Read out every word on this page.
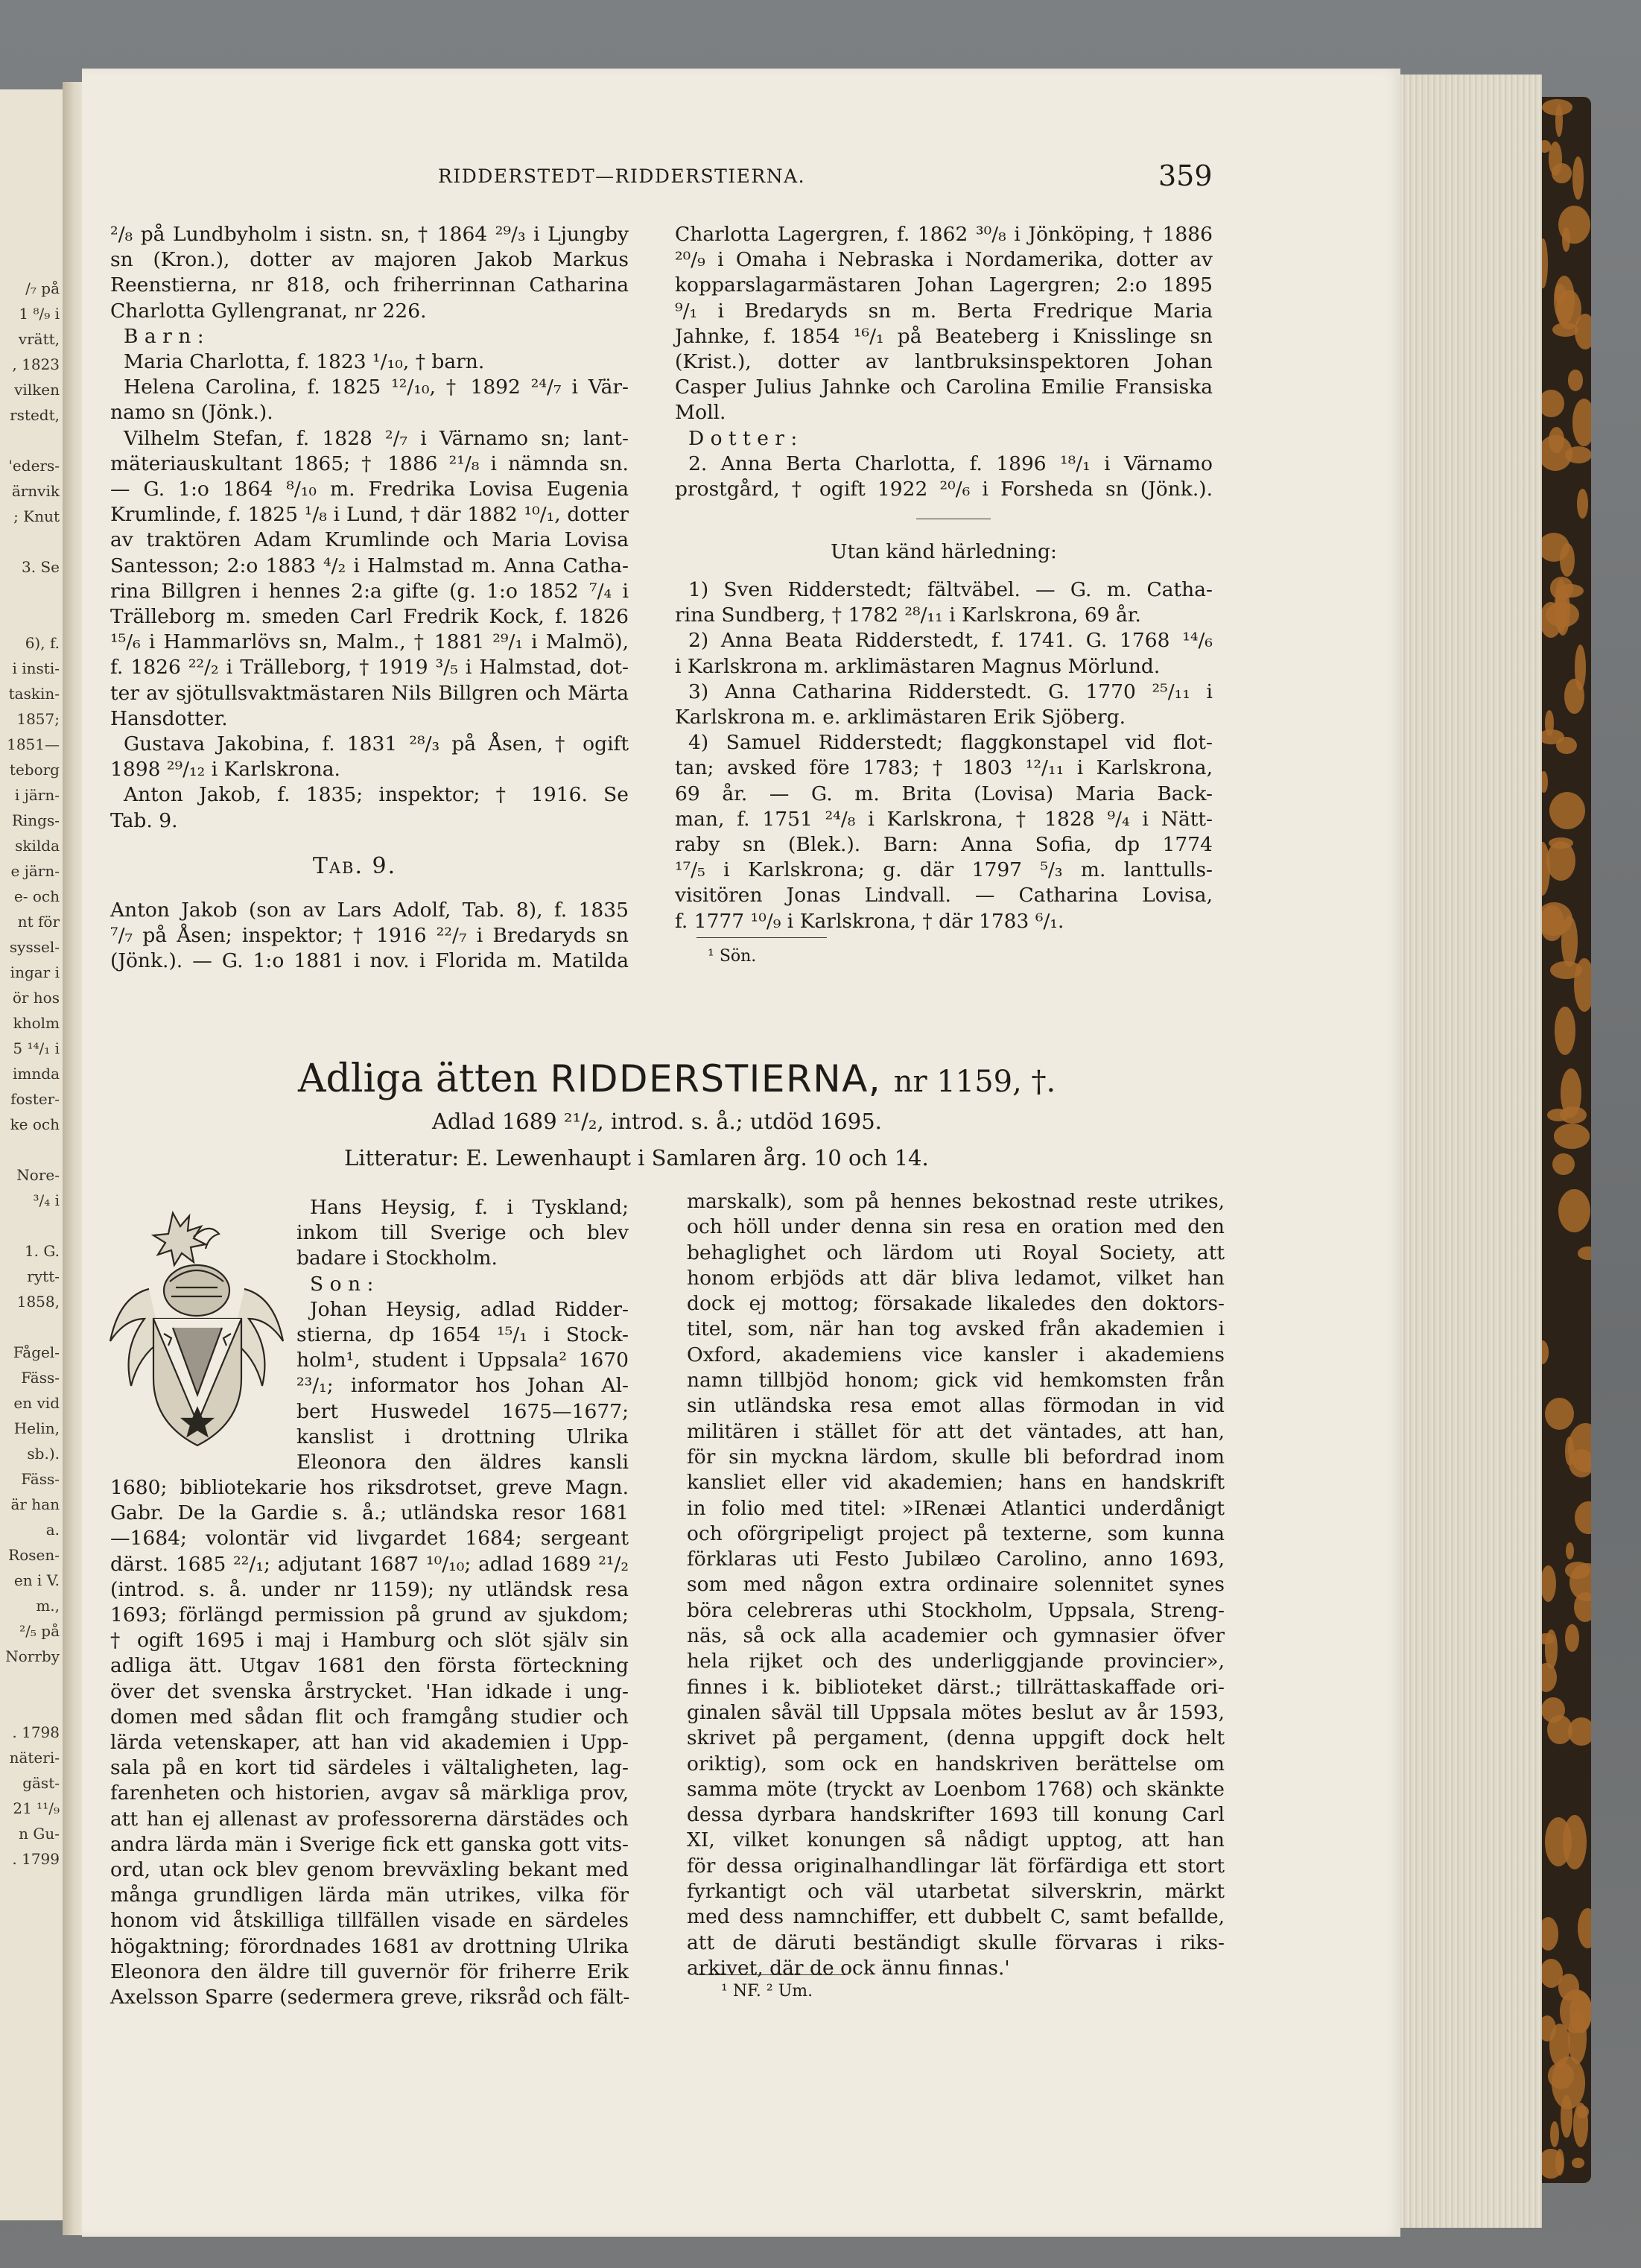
/₇ på
1 ⁸/₉ i
vrätt,
, 1823
vilken
rstedt,
'eders-
ärnvik
; Knut
3. Se
6), f.
i insti-
taskin-
1857;
1851—
teborg
i järn-
Rings-
skilda
e järn-
e- och
nt för
syssel-
ingar i
ör hos
kholm
5 ¹⁴/₁ i
imnda
foster-
ke och
Nore-
³/₄ i
1. G.
rytt-
1858,
Fågel-
Fäss-
en vid
Helin,
sb.).
Fäss-
är han
a.
Rosen-
en i V.
m.,
²/₅ på
Norrby
. 1798
näteri-
gäst-
21 ¹¹/₉
n Gu-
. 1799
RIDDERSTEDT—RIDDERSTIERNA.	359
²/₈ på Lundbyholm i sistn. sn, † 1864 ²⁹/₃ i Ljungby
sn (Kron.), dotter av majoren Jakob Markus
Reenstierna, nr 818, och friherrinnan Catharina
Charlotta Gyllengranat, nr 226.
B a r n :
Maria Charlotta, f. 1823 ¹/₁₀, † barn.
Helena Carolina, f. 1825 ¹²/₁₀, † 1892 ²⁴/₇ i Vär-
namo sn (Jönk.).
Vilhelm Stefan, f. 1828 ²/₇ i Värnamo sn; lant-
mäteriauskultant 1865; † 1886 ²¹/₈ i nämnda sn.
— G. 1:o 1864 ⁸/₁₀ m. Fredrika Lovisa Eugenia
Krumlinde, f. 1825 ¹/₈ i Lund, † där 1882 ¹⁰/₁, dotter
av traktören Adam Krumlinde och Maria Lovisa
Santesson; 2:o 1883 ⁴/₂ i Halmstad m. Anna Catha-
rina Billgren i hennes 2:a gifte (g. 1:o 1852 ⁷/₄ i
Trälleborg m. smeden Carl Fredrik Kock, f. 1826
¹⁵/₆ i Hammarlövs sn, Malm., † 1881 ²⁹/₁ i Malmö),
f. 1826 ²²/₂ i Trälleborg, † 1919 ³/₅ i Halmstad, dot-
ter av sjötullsvaktmästaren Nils Billgren och Märta
Hansdotter.
Gustava Jakobina, f. 1831 ²⁸/₃ på Åsen, † ogift
1898 ²⁹/₁₂ i Karlskrona.
Anton Jakob, f. 1835; inspektor; † 1916. Se
Tab. 9.
Tab. 9.
Anton Jakob (son av Lars Adolf, Tab. 8), f. 1835
⁷/₇ på Åsen; inspektor; † 1916 ²²/₇ i Bredaryds sn
(Jönk.). — G. 1:o 1881 i nov. i Florida m. Matilda
Charlotta Lagergren, f. 1862 ³⁰/₈ i Jönköping, † 1886
²⁰/₉ i Omaha i Nebraska i Nordamerika, dotter av
kopparslagarmästaren Johan Lagergren; 2:o 1895
⁹/₁ i Bredaryds sn m. Berta Fredrique Maria
Jahnke, f. 1854 ¹⁶/₁ på Beateberg i Knisslinge sn
(Krist.), dotter av lantbruksinspektoren Johan
Casper Julius Jahnke och Carolina Emilie Fransiska
Moll.
D o t t e r :
2. Anna Berta Charlotta, f. 1896 ¹⁸/₁ i Värnamo
prostgård, † ogift 1922 ²⁰/₆ i Forsheda sn (Jönk.).
Utan känd härledning:
1) Sven Ridderstedt; fältväbel. — G. m. Catha-
rina Sundberg, † 1782 ²⁸/₁₁ i Karlskrona, 69 år.
2) Anna Beata Ridderstedt, f. 1741. G. 1768 ¹⁴/₆
i Karlskrona m. arklimästaren Magnus Mörlund.
3) Anna Catharina Ridderstedt. G. 1770 ²⁵/₁₁ i
Karlskrona m. e. arklimästaren Erik Sjöberg.
4) Samuel Ridderstedt; flaggkonstapel vid flot-
tan; avsked före 1783; † 1803 ¹²/₁₁ i Karlskrona,
69 år. — G. m. Brita (Lovisa) Maria Back-
man, f. 1751 ²⁴/₈ i Karlskrona, † 1828 ⁹/₄ i Nätt-
raby sn (Blek.). Barn: Anna Sofia, dp 1774
¹⁷/₅ i Karlskrona; g. där 1797 ⁵/₃ m. lanttulls-
visitören Jonas Lindvall. — Catharina Lovisa,
f. 1777 ¹⁰/₉ i Karlskrona, † där 1783 ⁶/₁.
¹ Sön.
Adliga ätten RIDDERSTIERNA, nr 1159, †.
Adlad 1689 ²¹/₂, introd. s. å.; utdöd 1695.
Litteratur: E. Lewenhaupt i Samlaren årg. 10 och 14.
Hans Heysig, f. i Tyskland;
inkom till Sverige och blev
badare i Stockholm.
S o n :
Johan Heysig, adlad Ridder-
stierna, dp 1654 ¹⁵/₁ i Stock-
holm¹, student i Uppsala² 1670
²³/₁; informator hos Johan Al-
bert Huswedel 1675—1677;
kanslist i drottning Ulrika
Eleonora den äldres kansli
1680; bibliotekarie hos riksdrotset, greve Magn.
Gabr. De la Gardie s. å.; utländska resor 1681
—1684; volontär vid livgardet 1684; sergeant
därst. 1685 ²²/₁; adjutant 1687 ¹⁰/₁₀; adlad 1689 ²¹/₂
(introd. s. å. under nr 1159); ny utländsk resa
1693; förlängd permission på grund av sjukdom;
† ogift 1695 i maj i Hamburg och slöt själv sin
adliga ätt. Utgav 1681 den första förteckning
över det svenska årstrycket. 'Han idkade i ung-
domen med sådan flit och framgång studier och
lärda vetenskaper, att han vid akademien i Upp-
sala på en kort tid särdeles i vältaligheten, lag-
farenheten och historien, avgav så märkliga prov,
att han ej allenast av professorerna därstädes och
andra lärda män i Sverige fick ett ganska gott vits-
ord, utan ock blev genom brevväxling bekant med
många grundligen lärda män utrikes, vilka för
honom vid åtskilliga tillfällen visade en särdeles
högaktning; förordnades 1681 av drottning Ulrika
Eleonora den äldre till guvernör för friherre Erik
Axelsson Sparre (sedermera greve, riksråd och fält-
marskalk), som på hennes bekostnad reste utrikes,
och höll under denna sin resa en oration med den
behaglighet och lärdom uti Royal Society, att
honom erbjöds att där bliva ledamot, vilket han
dock ej mottog; försakade likaledes den doktors-
titel, som, när han tog avsked från akademien i
Oxford, akademiens vice kansler i akademiens
namn tillbjöd honom; gick vid hemkomsten från
sin utländska resa emot allas förmodan in vid
militären i stället för att det väntades, att han,
för sin myckna lärdom, skulle bli befordrad inom
kansliet eller vid akademien; hans en handskrift
in folio med titel: »IRenæi Atlantici underdånigt
och oförgripeligt project på texterne, som kunna
förklaras uti Festo Jubilæo Carolino, anno 1693,
som med någon extra ordinaire solennitet synes
böra celebreras uthi Stockholm, Uppsala, Streng-
näs, så ock alla academier och gymnasier öfver
hela rijket och des underliggjande provincier»,
finnes i k. biblioteket därst.; tillrättaskaffade ori-
ginalen såväl till Uppsala mötes beslut av år 1593,
skrivet på pergament, (denna uppgift dock helt
oriktig), som ock en handskriven berättelse om
samma möte (tryckt av Loenbom 1768) och skänkte
dessa dyrbara handskrifter 1693 till konung Carl
XI, vilket konungen så nådigt upptog, att han
för dessa originalhandlingar lät förfärdiga ett stort
fyrkantigt och väl utarbetat silverskrin, märkt
med dess namnchiffer, ett dubbelt C, samt befallde,
att de däruti beständigt skulle förvaras i riks-
arkivet, där de ock ännu finnas.'
¹ NF. ² Um.
